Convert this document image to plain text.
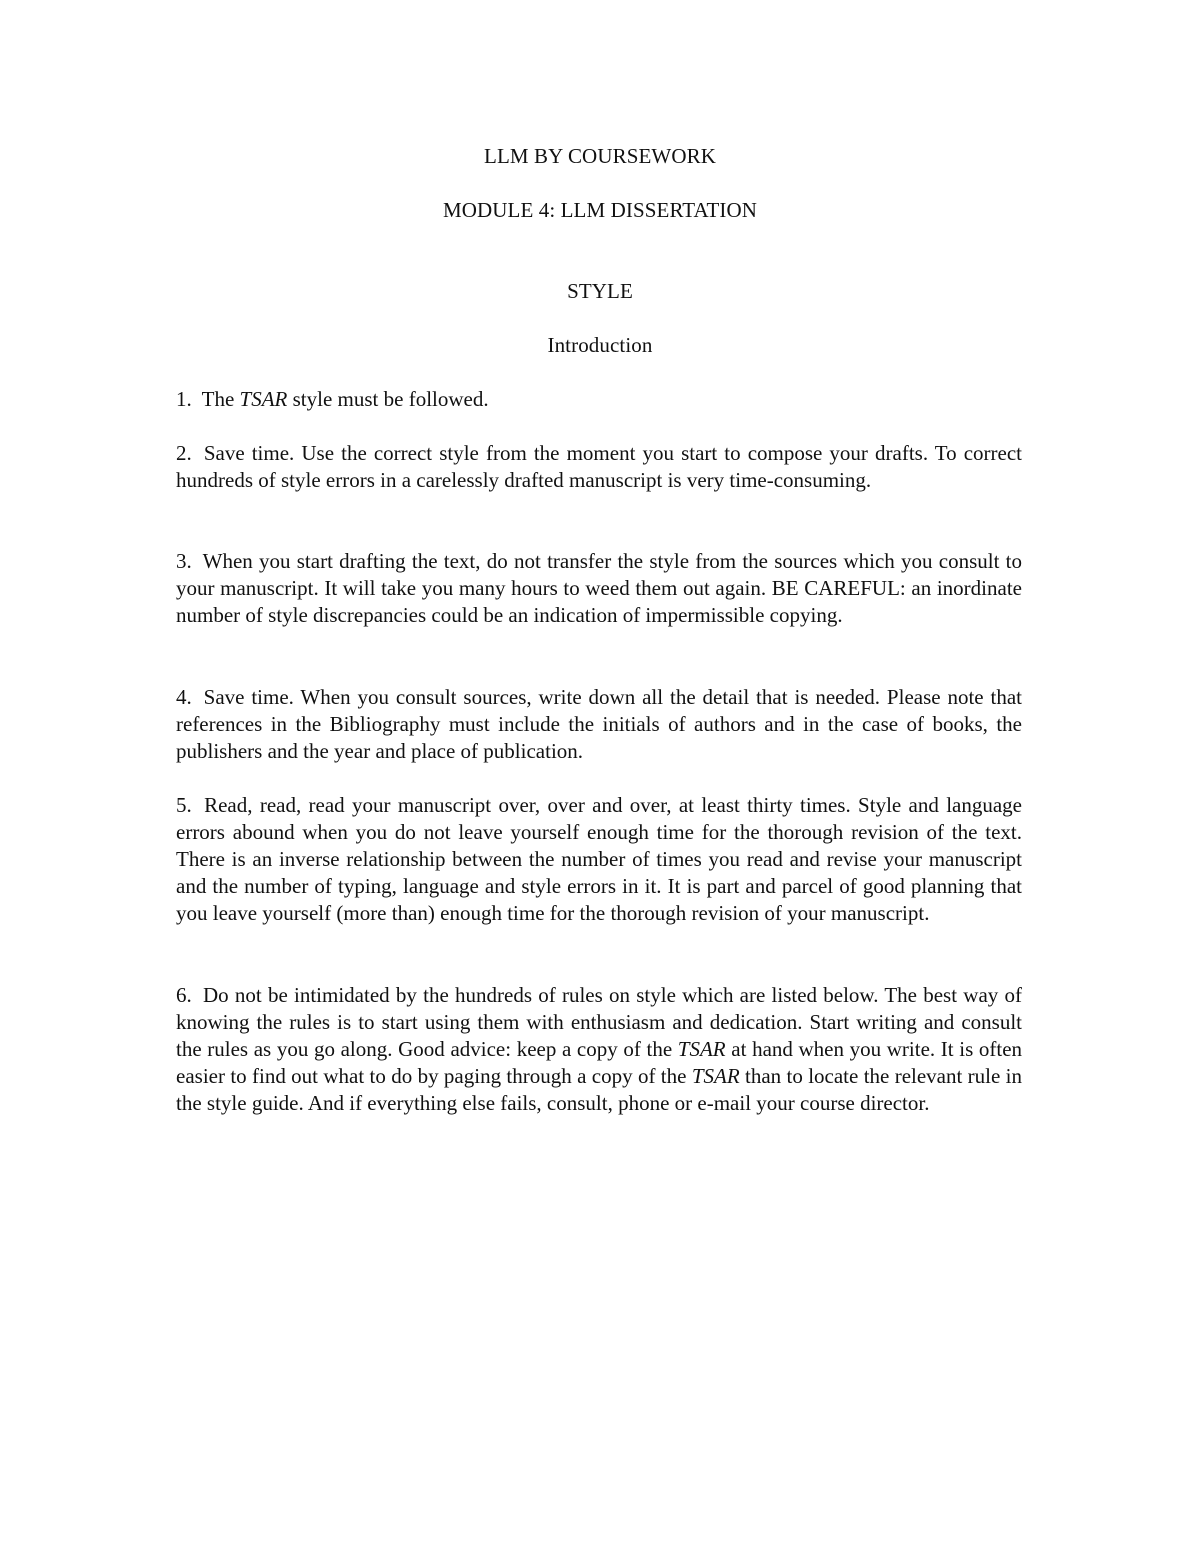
LLM BY COURSEWORK
MODULE 4: LLM DISSERTATION
STYLE
Introduction

1. The TSAR style must be followed.

2. Save time. Use the correct style from the moment you start to compose your drafts. To correct hundreds of style errors in a carelessly drafted manuscript is very time-consuming.

3. When you start drafting the text, do not transfer the style from the sources which you consult to your manuscript. It will take you many hours to weed them out again. BE CAREFUL: an inordinate number of style discrepancies could be an indication of impermissible copying.

4. Save time. When you consult sources, write down all the detail that is needed. Please note that references in the Bibliography must include the initials of authors and in the case of books, the publishers and the year and place of publication.

5. Read, read, read your manuscript over, over and over, at least thirty times. Style and language errors abound when you do not leave yourself enough time for the thorough revision of the text. There is an inverse relationship between the number of times you read and revise your manuscript and the number of typing, language and style errors in it. It is part and parcel of good planning that you leave yourself (more than) enough time for the thorough revision of your manuscript.

6. Do not be intimidated by the hundreds of rules on style which are listed below. The best way of knowing the rules is to start using them with enthusiasm and dedication. Start writing and consult the rules as you go along. Good advice: keep a copy of the TSAR at hand when you write. It is often easier to find out what to do by paging through a copy of the TSAR than to locate the relevant rule in the style guide. And if everything else fails, consult, phone or e-mail your course director.
